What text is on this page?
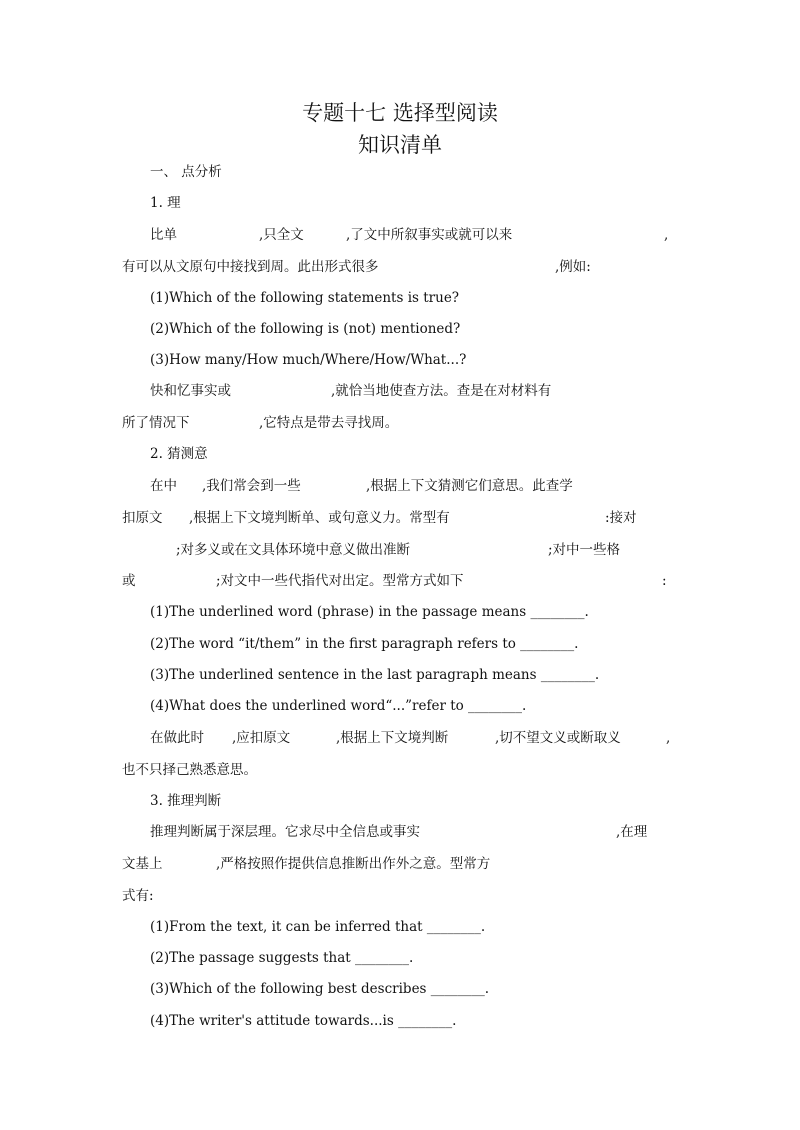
专题十七 选择型阅读
知识清单
一、 点分析
1. 理
比单	,只全文	,了文中所叙事实或就可以来	,
有可以从文原句中接找到周。此出形式很多	,例如:
(1)Which of the following statements is true?
(2)Which of the following is (not) mentioned?
(3)How many/How much/Where/How/What...?
快和忆事实或	,就恰当地使查方法。查是在对材料有
所了情况下	,它特点是带去寻找周。
2. 猜测意
在中 ,我们常会到一些	,根据上下文猜测它们意思。此查学
扣原文 ,根据上下文境判断单、或句意义力。常型有	:接对
;对多义或在文具体环境中意义做出准断	;对中一些格
或	;对文中一些代指代对出定。型常方式如下	:
(1)The underlined word (phrase) in the passage means ________.
(2)The word “it/them” in the first paragraph refers to ________.
(3)The underlined sentence in the last paragraph means ________.
(4)What does the underlined word“...”refer to ________.
在做此时 ,应扣原文	,根据上下文境判断	,切不望文义或断取义	,
也不只择己熟悉意思。
3. 推理判断
推理判断属于深层理。它求尽中全信息或事实	,在理
文基上	,严格按照作提供信息推断出作外之意。型常方
式有:
(1)From the text, it can be inferred that ________.
(2)The passage suggests that ________.
(3)Which of the following best describes ________.
(4)The writer's attitude towards...is ________.
